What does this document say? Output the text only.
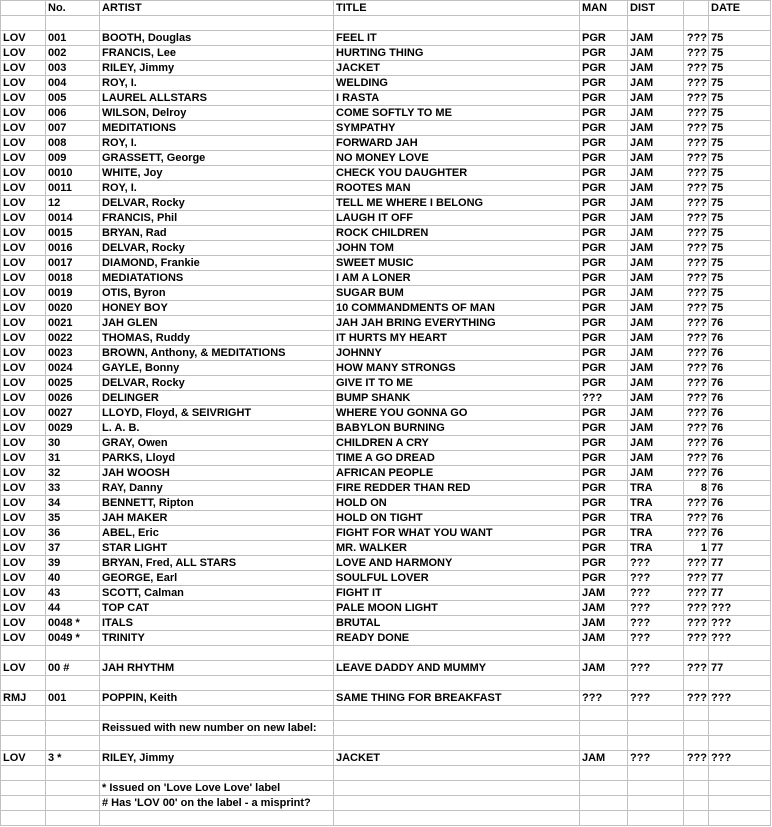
	No.	ARTIST	TITLE	MAN	DIST		DATE

LOV	001	BOOTH, Douglas	FEEL IT	PGR	JAM	???	75
LOV	002	FRANCIS, Lee	HURTING THING	PGR	JAM	???	75
LOV	003	RILEY, Jimmy	JACKET	PGR	JAM	???	75
LOV	004	ROY, I.	WELDING	PGR	JAM	???	75
LOV	005	LAUREL ALLSTARS	I RASTA	PGR	JAM	???	75
LOV	006	WILSON, Delroy	COME SOFTLY TO ME	PGR	JAM	???	75
LOV	007	MEDITATIONS	SYMPATHY	PGR	JAM	???	75
LOV	008	ROY, I.	FORWARD JAH	PGR	JAM	???	75
LOV	009	GRASSETT, George	NO MONEY LOVE	PGR	JAM	???	75
LOV	0010	WHITE, Joy	CHECK YOU DAUGHTER	PGR	JAM	???	75
LOV	0011	ROY, I.	ROOTES MAN	PGR	JAM	???	75
LOV	12	DELVAR, Rocky	TELL ME WHERE I BELONG	PGR	JAM	???	75
LOV	0014	FRANCIS, Phil	LAUGH IT OFF	PGR	JAM	???	75
LOV	0015	BRYAN, Rad	ROCK CHILDREN	PGR	JAM	???	75
LOV	0016	DELVAR, Rocky	JOHN TOM	PGR	JAM	???	75
LOV	0017	DIAMOND, Frankie	SWEET MUSIC	PGR	JAM	???	75
LOV	0018	MEDIATATIONS	I AM A LONER	PGR	JAM	???	75
LOV	0019	OTIS, Byron	SUGAR BUM	PGR	JAM	???	75
LOV	0020	HONEY BOY	10 COMMANDMENTS OF MAN	PGR	JAM	???	75
LOV	0021	JAH GLEN	JAH JAH BRING EVERYTHING	PGR	JAM	???	76
LOV	0022	THOMAS, Ruddy	IT HURTS MY HEART	PGR	JAM	???	76
LOV	0023	BROWN, Anthony, & MEDITATIONS	JOHNNY	PGR	JAM	???	76
LOV	0024	GAYLE, Bonny	HOW MANY STRONGS	PGR	JAM	???	76
LOV	0025	DELVAR, Rocky	GIVE IT TO ME	PGR	JAM	???	76
LOV	0026	DELINGER	BUMP SHANK	???	JAM	???	76
LOV	0027	LLOYD, Floyd, & SEIVRIGHT	WHERE YOU GONNA GO	PGR	JAM	???	76
LOV	0029	L. A. B.	BABYLON BURNING	PGR	JAM	???	76
LOV	30	GRAY, Owen	CHILDREN A CRY	PGR	JAM	???	76
LOV	31	PARKS, Lloyd	TIME A GO DREAD	PGR	JAM	???	76
LOV	32	JAH WOOSH	AFRICAN PEOPLE	PGR	JAM	???	76
LOV	33	RAY, Danny	FIRE REDDER THAN RED	PGR	TRA	8	76
LOV	34	BENNETT, Ripton	HOLD ON	PGR	TRA	???	76
LOV	35	JAH MAKER	HOLD ON TIGHT	PGR	TRA	???	76
LOV	36	ABEL, Eric	FIGHT FOR WHAT YOU WANT	PGR	TRA	???	76
LOV	37	STAR LIGHT	MR. WALKER	PGR	TRA	1	77
LOV	39	BRYAN, Fred, ALL STARS	LOVE AND HARMONY	PGR	???	???	77
LOV	40	GEORGE, Earl	SOULFUL LOVER	PGR	???	???	77
LOV	43	SCOTT, Calman	FIGHT IT	JAM	???	???	77
LOV	44	TOP CAT	PALE MOON LIGHT	JAM	???	???	???
LOV	0048 *	ITALS	BRUTAL	JAM	???	???	???
LOV	0049 *	TRINITY	READY DONE	JAM	???	???	???

LOV	00 #	JAH RHYTHM	LEAVE DADDY AND MUMMY	JAM	???	???	77

RMJ	001	POPPIN, Keith	SAME THING FOR BREAKFAST	???	???	???	???

		Reissued with new number on new label:					

LOV	3 *	RILEY, Jimmy	JACKET	JAM	???	???	???

		* Issued on 'Love Love Love' label					
		# Has 'LOV 00' on the label - a misprint?					
